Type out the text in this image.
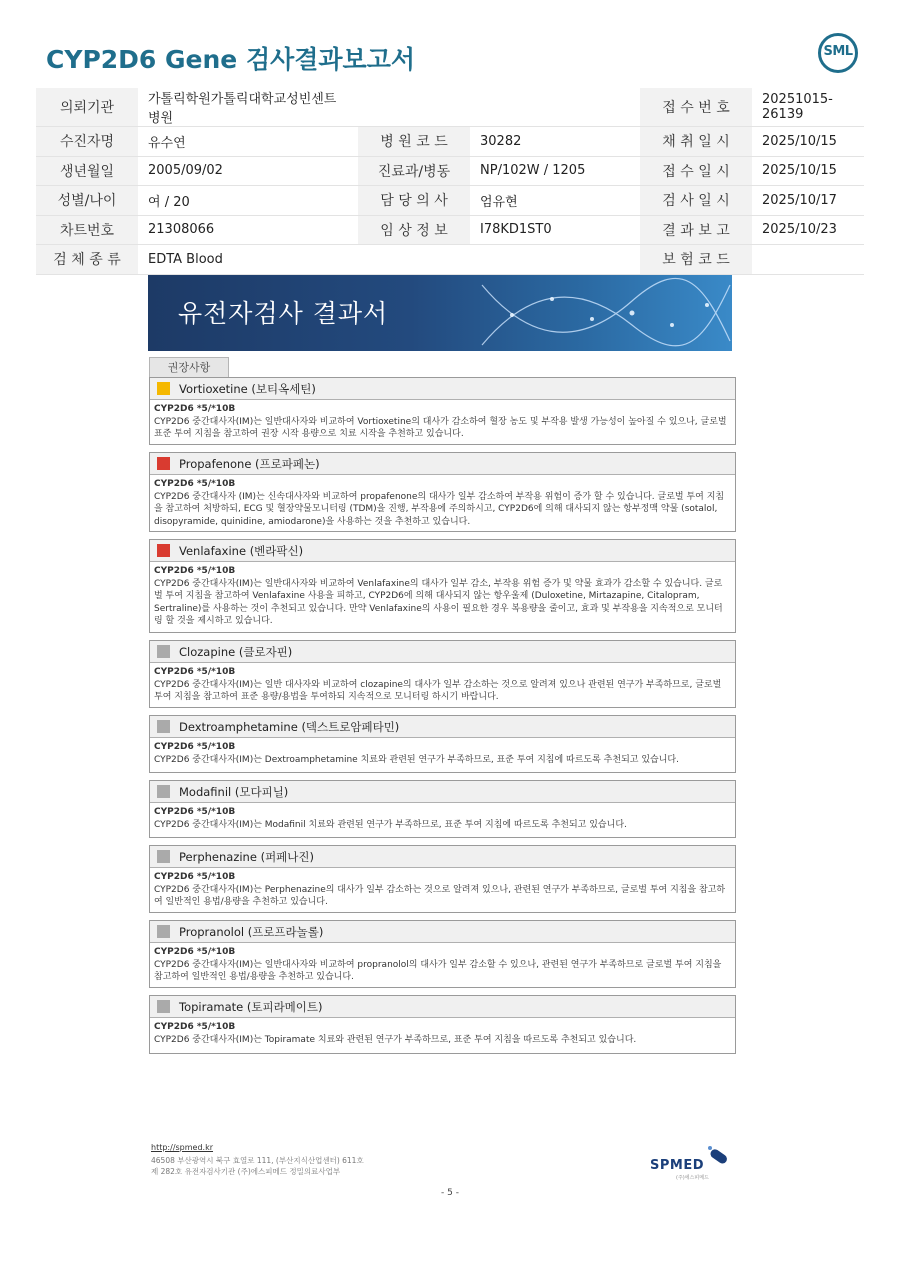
CYP2D6 Gene 검사결과보고서	SML
의뢰기관	가톨릭학원가톨릭대학교성빈센트병원			접 수 번 호	20251015-26139
수진자명	유수연	병 원 코 드	30282	채 취 일 시	2025/10/15
생년월일	2005/09/02	진료과/병동	NP/102W / 1205	접 수 일 시	2025/10/15
성별/나이	여 / 20	담 당 의 사	엄유현	검 사 일 시	2025/10/17
차트번호	21308066	임 상 정 보	I78KD1ST0	결 과 보 고	2025/10/23
검 체 종 류	EDTA Blood			보 험 코 드	
유전자검사 결과서
권장사항
Vortioxetine (보티옥세틴)
CYP2D6 *5/*10B
CYP2D6 중간대사자(IM)는 일반대사자와 비교하여 Vortioxetine의 대사가 감소하여 혈장 농도 및 부작용 발생 가능성이 높아질 수 있으나, 글로벌 표준 투여 지침을 참고하여 권장 시작 용량으로 치료 시작을 추천하고 있습니다.
Propafenone (프로파페논)
CYP2D6 *5/*10B
CYP2D6 중간대사자 (IM)는 신속대사자와 비교하여 propafenone의 대사가 일부 감소하여 부작용 위험이 증가 할 수 있습니다. 글로벌 투여 지침을 참고하여 처방하되, ECG 및 혈장약물모니터링 (TDM)을 진행, 부작용에 주의하시고, CYP2D6에 의해 대사되지 않는 항부정맥 약물 (sotalol, disopyramide, quinidine, amiodarone)을 사용하는 것을 추천하고 있습니다.
Venlafaxine (벤라팍신)
CYP2D6 *5/*10B
CYP2D6 중간대사자(IM)는 일반대사자와 비교하여 Venlafaxine의 대사가 일부 감소, 부작용 위험 증가 및 약물 효과가 감소할 수 있습니다. 글로벌 투여 지침을 참고하여 Venlafaxine 사용을 피하고, CYP2D6에 의해 대사되지 않는 항우울제 (Duloxetine, Mirtazapine, Citalopram, Sertraline)를 사용하는 것이 추천되고 있습니다. 만약 Venlafaxine의 사용이 필요한 경우 복용량을 줄이고, 효과 및 부작용을 지속적으로 모니터링 할 것을 제시하고 있습니다.
Clozapine (클로자핀)
CYP2D6 *5/*10B
CYP2D6 중간대사자(IM)는 일반 대사자와 비교하여 clozapine의 대사가 일부 감소하는 것으로 알려져 있으나 관련된 연구가 부족하므로, 글로벌 투여 지침을 참고하여 표준 용량/용법을 투여하되 지속적으로 모니터링 하시기 바랍니다.
Dextroamphetamine (덱스트로암페타민)
CYP2D6 *5/*10B
CYP2D6 중간대사자(IM)는 Dextroamphetamine 치료와 관련된 연구가 부족하므로, 표준 투여 지침에 따르도록 추천되고 있습니다.
Modafinil (모다피닐)
CYP2D6 *5/*10B
CYP2D6 중간대사자(IM)는 Modafinil 치료와 관련된 연구가 부족하므로, 표준 투여 지침에 따르도록 추천되고 있습니다.
Perphenazine (퍼페나진)
CYP2D6 *5/*10B
CYP2D6 중간대사자(IM)는 Perphenazine의 대사가 일부 감소하는 것으로 알려져 있으나, 관련된 연구가 부족하므로, 글로벌 투여 지침을 참고하여 일반적인 용법/용량을 추천하고 있습니다.
Propranolol (프로프라놀롤)
CYP2D6 *5/*10B
CYP2D6 중간대사자(IM)는 일반대사자와 비교하여 propranolol의 대사가 일부 감소할 수 있으나, 관련된 연구가 부족하므로 글로벌 투여 지침을 참고하여 일반적인 용법/용량을 추천하고 있습니다.
Topiramate (토피라메이트)
CYP2D6 *5/*10B
CYP2D6 중간대사자(IM)는 Topiramate 치료와 관련된 연구가 부족하므로, 표준 투여 지침을 따르도록 추천되고 있습니다.
http://spmed.kr
46508 부산광역시 북구 효열로 111, (부산지식산업센터) 611호
제 282호 유전자검사기관 (주)에스피메드 정밀의료사업부	SPMED
(주)에스피메드
- 5 -
